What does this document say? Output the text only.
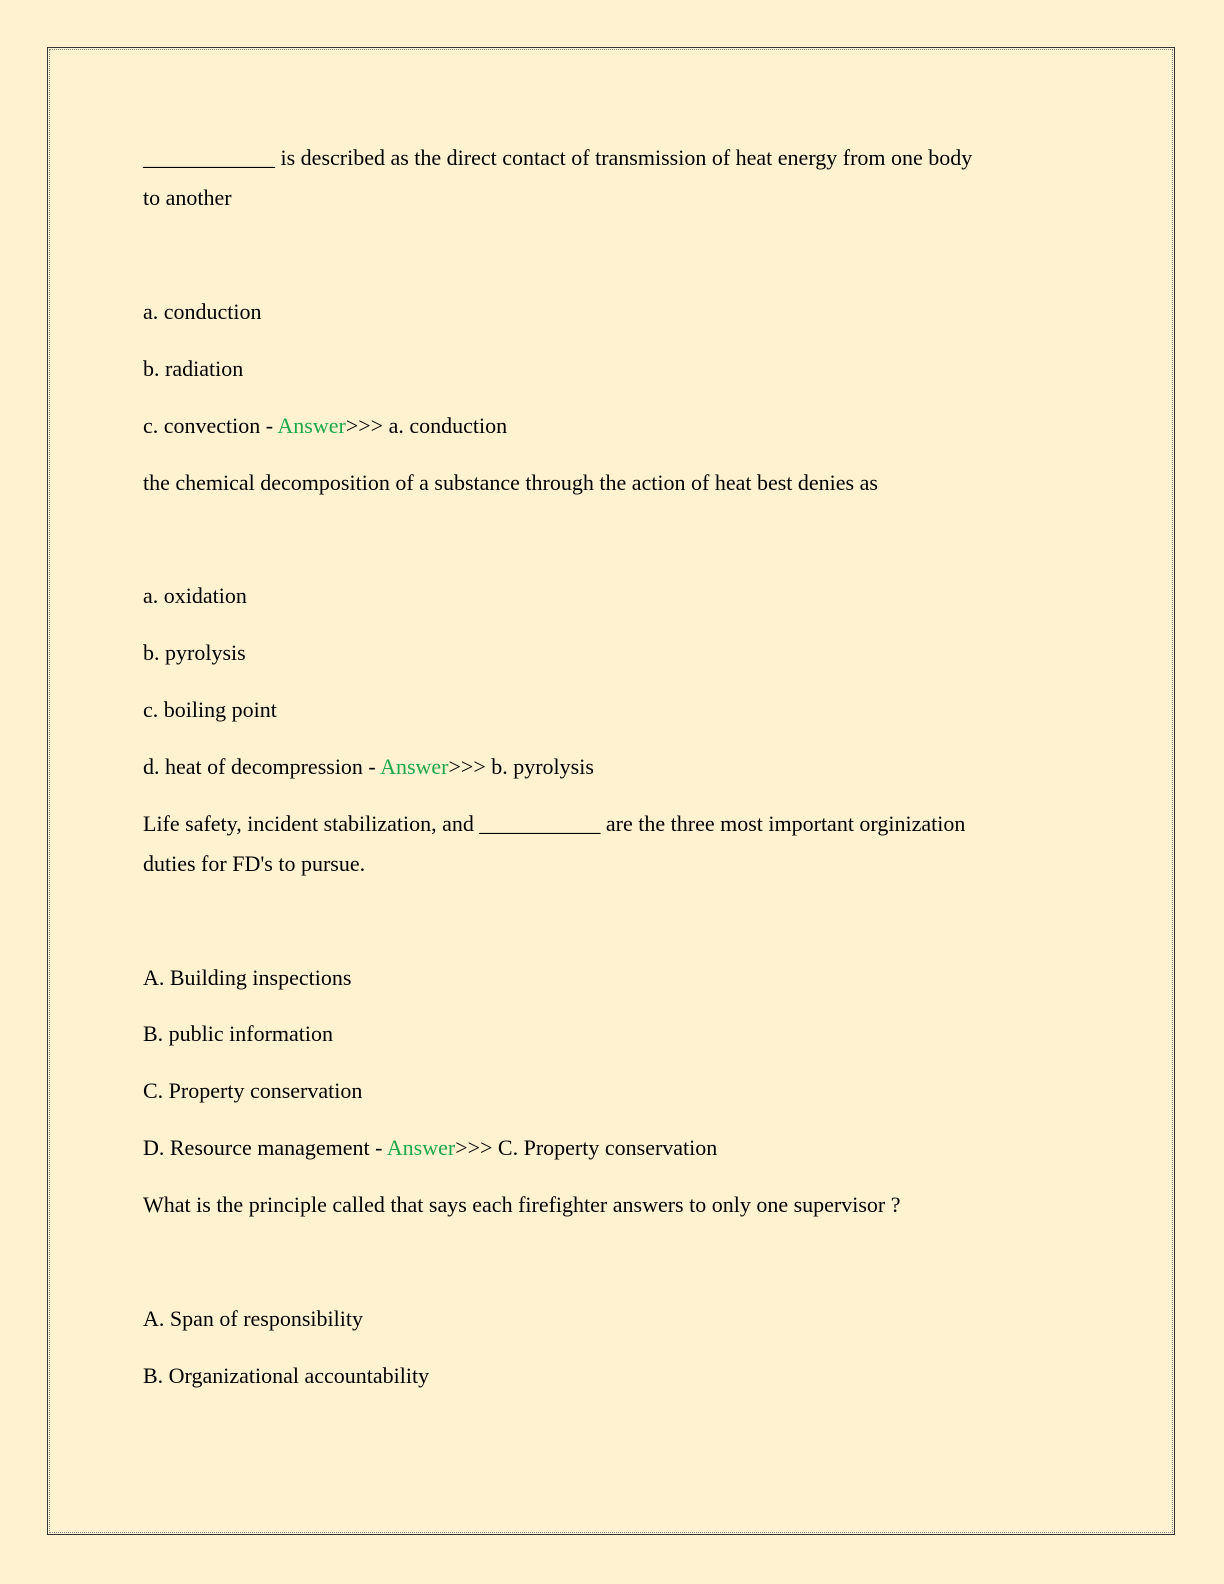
____________ is described as the direct contact of transmission of heat energy from one body
to another
a. conduction
b. radiation
c. convection - Answer>>> a. conduction
the chemical decomposition of a substance through the action of heat best denies as
a. oxidation
b. pyrolysis
c. boiling point
d. heat of decompression - Answer>>> b. pyrolysis
Life safety, incident stabilization, and ___________ are the three most important orginization
duties for FD's to pursue.
A. Building inspections
B. public information
C. Property conservation
D. Resource management - Answer>>> C. Property conservation
What is the principle called that says each firefighter answers to only one supervisor ?
A. Span of responsibility
B. Organizational accountability
